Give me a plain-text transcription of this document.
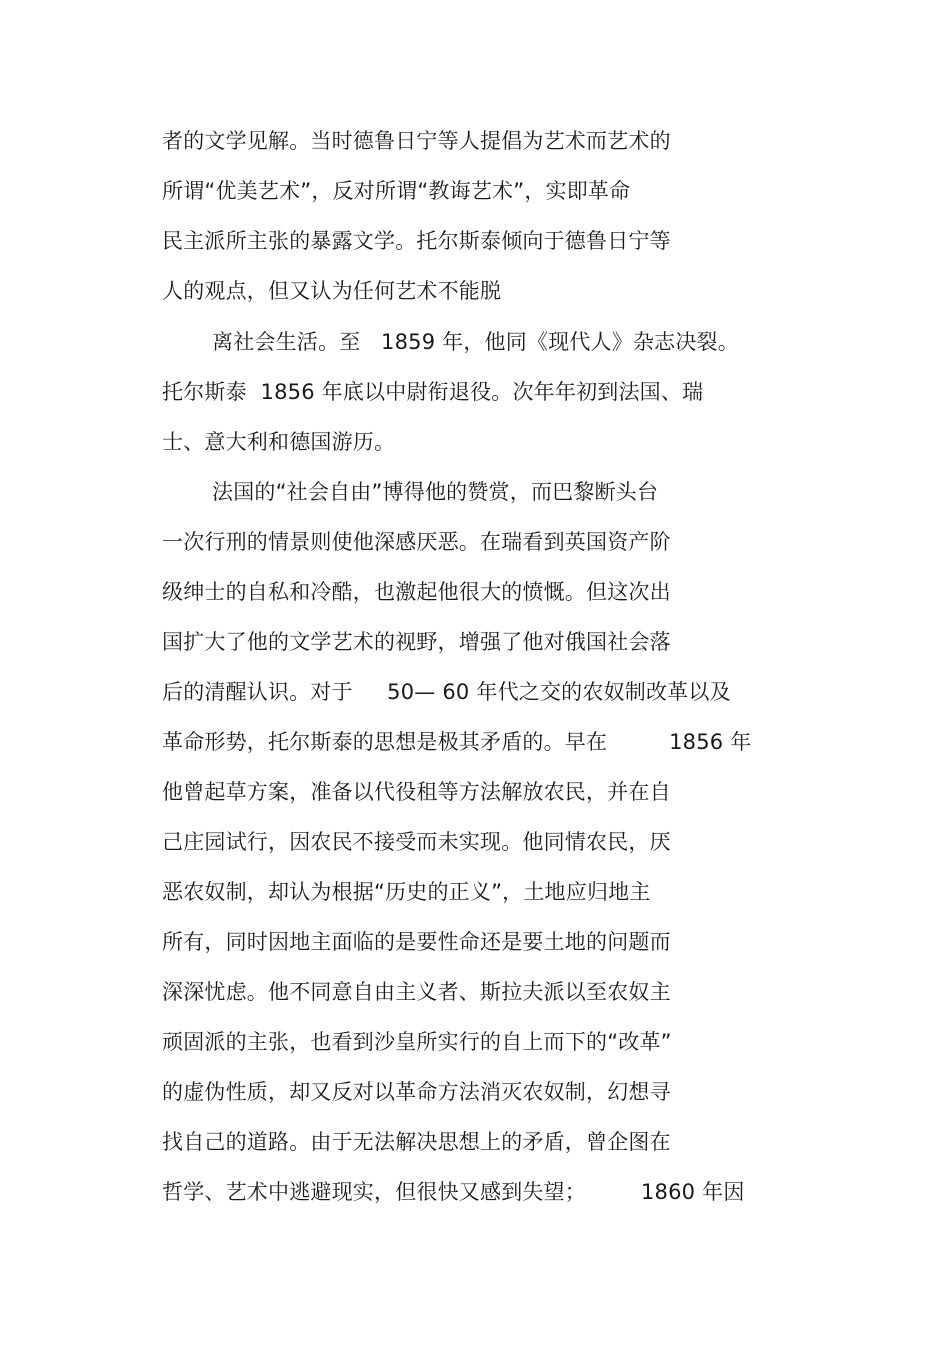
者的文学见解。当时德鲁日宁等人提倡为艺术而艺术的
所谓“优美艺术”，反对所谓“教诲艺术”，实即革命
民主派所主张的暴露文学。托尔斯泰倾向于德鲁日宁等
人的观点，但又认为任何艺术不能脱
离社会生活。至   1859 年，他同《现代人》杂志决裂。
托尔斯泰  1856 年底以中尉衔退役。次年年初到法国、瑞
士、意大利和德国游历。
法国的“社会自由”博得他的赞赏，而巴黎断头台
一次行刑的情景则使他深感厌恶。在瑞看到英国资产阶
级绅士的自私和冷酷，也激起他很大的愤慨。但这次出
国扩大了他的文学艺术的视野，增强了他对俄国社会落
后的清醒认识。对于     50— 60 年代之交的农奴制改革以及
革命形势，托尔斯泰的思想是极其矛盾的。早在         1856 年
他曾起草方案，准备以代役租等方法解放农民，并在自
己庄园试行，因农民不接受而未实现。他同情农民，厌
恶农奴制，却认为根据“历史的正义”，土地应归地主
所有，同时因地主面临的是要性命还是要土地的问题而
深深忧虑。他不同意自由主义者、斯拉夫派以至农奴主
顽固派的主张，也看到沙皇所实行的自上而下的“改革”
的虚伪性质，却又反对以革命方法消灭农奴制，幻想寻
找自己的道路。由于无法解决思想上的矛盾，曾企图在
哲学、艺术中逃避现实，但很快又感到失望；        1860 年因
